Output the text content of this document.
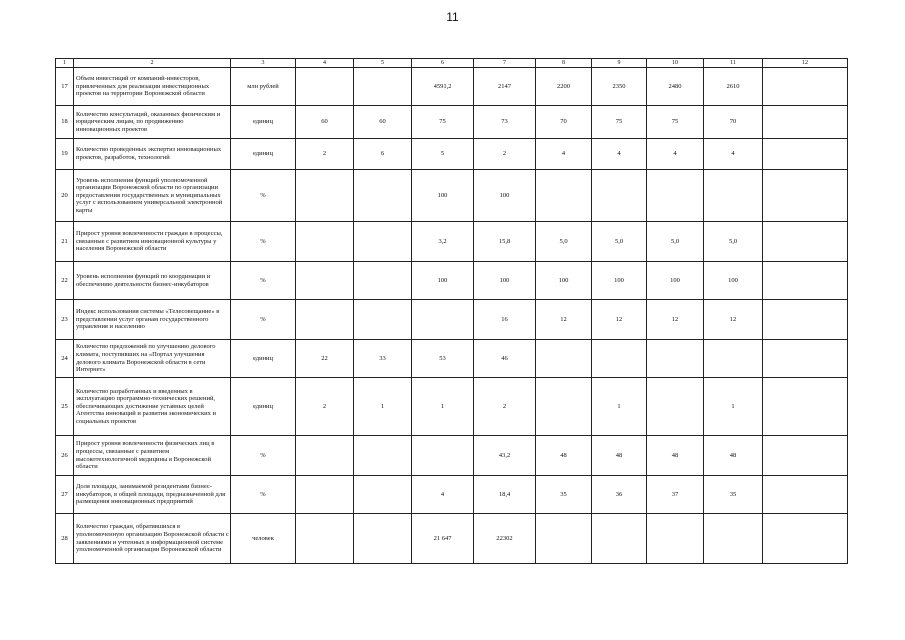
11
1	2	3	4	5	6	7	8	9	10	11	12
17	Объем инвестиций от компаний-инвесторов, привлеченных для реализации инвестиционных проектов на территории Воронежской области	млн рублей			4591,2	2147	2200	2350	2480	2610	
18	Количество консультаций, оказанных физическим и юридическим лицам, по продвижению инновационных проектов	единиц	60	60	75	73	70	75	75	70	
19	Количество проведенных экспертиз инновационных проектов, разработок, технологий	единиц	2	6	5	2	4	4	4	4	
20	Уровень исполнения функций уполномоченной организации Воронежской области по организации предоставления государственных и муниципальных услуг с использованием универсальной электронной карты	%			100	100					
21	Прирост уровня вовлеченности граждан в процессы, связанные с развитием инновационной культуры у населения Воронежской области	%			3,2	15,8	5,0	5,0	5,0	5,0	
22	Уровень исполнения функций по координации и обеспечению деятельности бизнес-инкубаторов	%			100	100	100	100	100	100	
23	Индекс использования системы «Телесовещание» в представлении услуг органам государственного управления и населению	%				16	12	12	12	12	
24	Количество предложений по улучшению делового климата, поступивших на «Портал улучшения делового климата Воронежской области в сети Интернет»	единиц	22	33	53	46					
25	Количество разработанных и введенных в эксплуатацию программно-технических решений, обеспечивающих достижение уставных целей Агентства инноваций и развития экономических и социальных проектов	единиц	2	1	1	2		1		1	
26	Прирост уровня вовлеченности физических лиц в процессы, связанные с развитием высокотехнологичной медицины в Воронежской области	%				43,2	48	48	48	48	
27	Доля площади, занимаемой резидентами бизнес-инкубаторов, в общей площади, предназначенной для размещения инновационных предприятий	%			4	18,4	35	36	37	35	
28	Количество граждан, обратившихся в уполномоченную организацию Воронежской области с заявлениями и учтенных в информационной системе уполномоченной организации Воронежской области	человек			21 647	22302					
